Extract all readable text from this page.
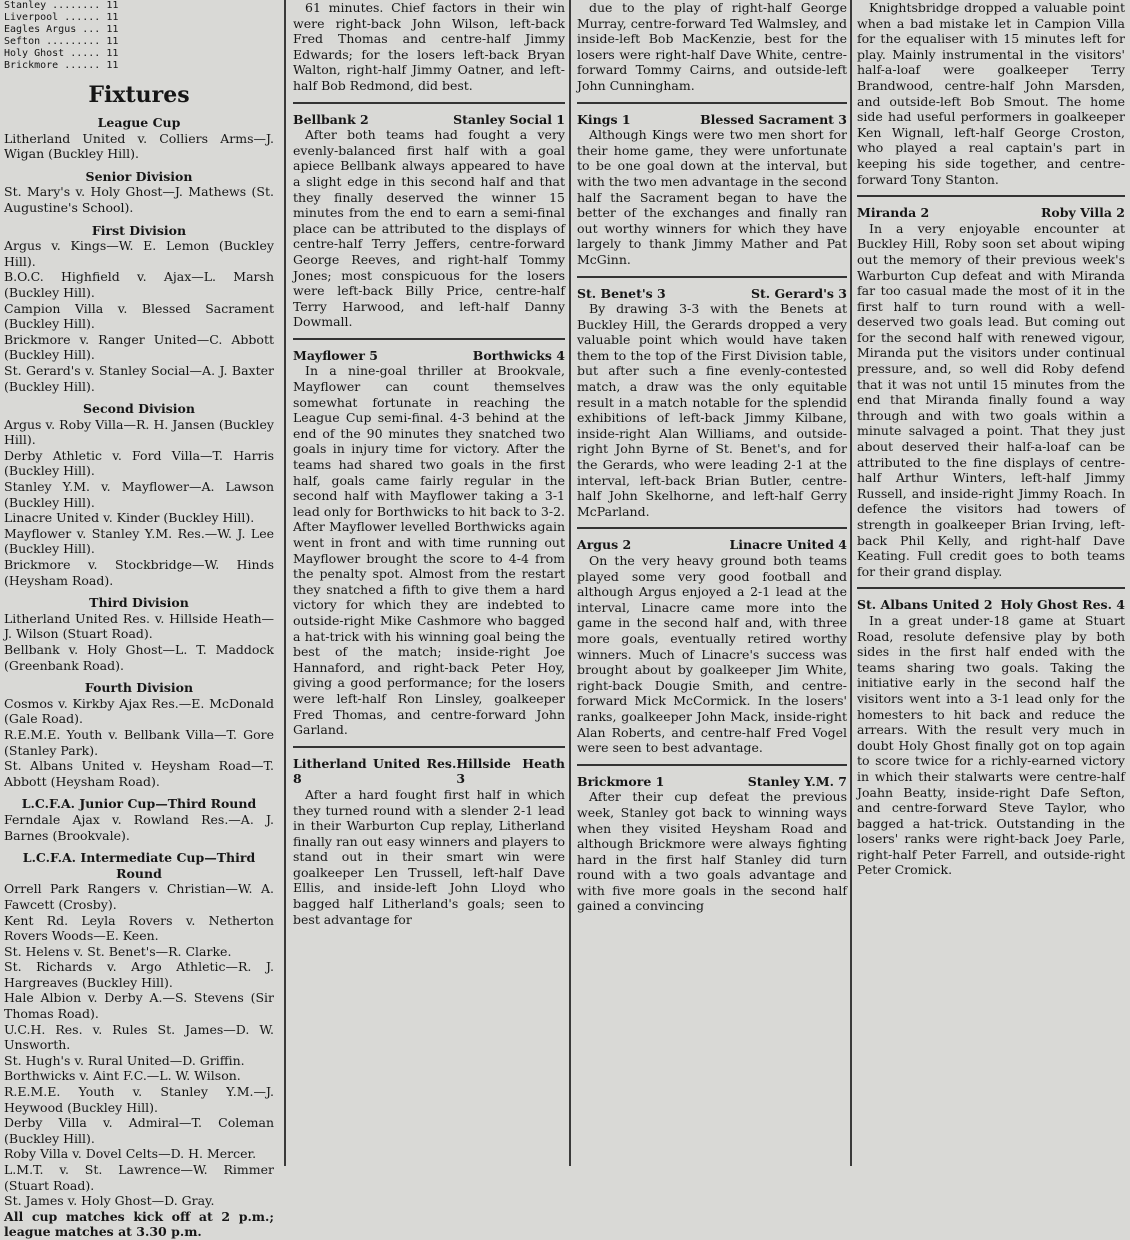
Stanley ........ 11

Liverpool ...... 11

Eagles Argus ... 11

Sefton ......... 11

Holy Ghost ..... 11

Brickmore ...... 11

Fixtures

League Cup

Litherland United v. Colliers Arms—J. Wigan (Buckley Hill).

Senior Division

St. Mary's v. Holy Ghost—J. Mathews (St. Augustine's School).

First Division

Argus v. Kings—W. E. Lemon (Buckley Hill).

B.O.C. Highfield v. Ajax—L. Marsh (Buckley Hill).

Campion Villa v. Blessed Sacrament (Buckley Hill).

Brickmore v. Ranger United—C. Abbott (Buckley Hill).

St. Gerard's v. Stanley Social—A. J. Baxter (Buckley Hill).

Second Division

Argus v. Roby Villa—R. H. Jansen (Buckley Hill).

Derby Athletic v. Ford Villa—T. Harris (Buckley Hill).

Stanley Y.M. v. Mayflower—A. Lawson (Buckley Hill).

Linacre United v. Kinder (Buckley Hill).

Mayflower v. Stanley Y.M. Res.—W. J. Lee (Buckley Hill).

Brickmore v. Stockbridge—W. Hinds (Heysham Road).

Third Division

Litherland United Res. v. Hillside Heath—J. Wilson (Stuart Road).

Bellbank v. Holy Ghost—L. T. Maddock (Greenbank Road).

Fourth Division

Cosmos v. Kirkby Ajax Res.—E. McDonald (Gale Road).

R.E.M.E. Youth v. Bellbank Villa—T. Gore (Stanley Park).

St. Albans United v. Heysham Road—T. Abbott (Heysham Road).

L.C.F.A. Junior Cup—Third Round

Ferndale Ajax v. Rowland Res.—A. J. Barnes (Brookvale).

L.C.F.A. Intermediate Cup—Third Round

Orrell Park Rangers v. Christian—W. A. Fawcett (Crosby).

Kent Rd. Leyla Rovers v. Netherton Rovers Woods—E. Keen.

St. Helens v. St. Benet's—R. Clarke.

St. Richards v. Argo Athletic—R. J. Hargreaves (Buckley Hill).

Hale Albion v. Derby A.—S. Stevens (Sir Thomas Road).

U.C.H. Res. v. Rules St. James—D. W. Unsworth.

St. Hugh's v. Rural United—D. Griffin.

Borthwicks v. Aint F.C.—L. W. Wilson.

R.E.M.E. Youth v. Stanley Y.M.—J. Heywood (Buckley Hill).

Derby Villa v. Admiral—T. Coleman (Buckley Hill).

Roby Villa v. Dovel Celts—D. H. Mercer.

L.M.T. v. St. Lawrence—W. Rimmer (Stuart Road).

St. James v. Holy Ghost—D. Gray.

All cup matches kick off at 2 p.m.; league matches at 3.30 p.m.

61 minutes. Chief factors in their win were right-back John Wilson, left-back Fred Thomas and centre-half Jimmy Edwards; for the losers left-back Bryan Walton, right-half Jimmy Oatner, and left-half Bob Redmond, did best.

Bellbank 2	Stanley Social 1

After both teams had fought a very evenly-balanced first half with a goal apiece Bellbank always appeared to have a slight edge in this second half and that they finally deserved the winner 15 minutes from the end to earn a semi-final place can be attributed to the displays of centre-half Terry Jeffers, centre-forward George Reeves, and right-half Tommy Jones; most conspicuous for the losers were left-back Billy Price, centre-half Terry Harwood, and left-half Danny Dowmall.

Mayflower 5	Borthwicks 4

In a nine-goal thriller at Brookvale, Mayflower can count themselves somewhat fortunate in reaching the League Cup semi-final. 4-3 behind at the end of the 90 minutes they snatched two goals in injury time for victory. After the teams had shared two goals in the first half, goals came fairly regular in the second half with Mayflower taking a 3-1 lead only for Borthwicks to hit back to 3-2. After Mayflower levelled Borthwicks again went in front and with time running out Mayflower brought the score to 4-4 from the penalty spot. Almost from the restart they snatched a fifth to give them a hard victory for which they are indebted to outside-right Mike Cashmore who bagged a hat-trick with his winning goal being the best of the match; inside-right Joe Hannaford, and right-back Peter Hoy, giving a good performance; for the losers were left-half Ron Linsley, goalkeeper Fred Thomas, and centre-forward John Garland.

Litherland United Res. 8
Hillside Heath 3

After a hard fought first half in which they turned round with a slender 2-1 lead in their Warburton Cup replay, Litherland finally ran out easy winners and players to stand out in their smart win were goalkeeper Len Trussell, left-half Dave Ellis, and inside-left John Lloyd who bagged half Litherland's goals; seen to best advantage for

due to the play of right-half George Murray, centre-forward Ted Walmsley, and inside-left Bob MacKenzie, best for the losers were right-half Dave White, centre-forward Tommy Cairns, and outside-left John Cunningham.

Kings 1	Blessed Sacrament 3

Although Kings were two men short for their home game, they were unfortunate to be one goal down at the interval, but with the two men advantage in the second half the Sacrament began to have the better of the exchanges and finally ran out worthy winners for which they have largely to thank Jimmy Mather and Pat McGinn.

St. Benet's 3	St. Gerard's 3

By drawing 3-3 with the Benets at Buckley Hill, the Gerards dropped a very valuable point which would have taken them to the top of the First Division table, but after such a fine evenly-contested match, a draw was the only equitable result in a match notable for the splendid exhibitions of left-back Jimmy Kilbane, inside-right Alan Williams, and outside-right John Byrne of St. Benet's, and for the Gerards, who were leading 2-1 at the interval, left-back Brian Butler, centre-half John Skelhorne, and left-half Gerry McParland.

Argus 2	Linacre United 4

On the very heavy ground both teams played some very good football and although Argus enjoyed a 2-1 lead at the interval, Linacre came more into the game in the second half and, with three more goals, eventually retired worthy winners. Much of Linacre's success was brought about by goalkeeper Jim White, right-back Dougie Smith, and centre-forward Mick McCormick. In the losers' ranks, goalkeeper John Mack, inside-right Alan Roberts, and centre-half Fred Vogel were seen to best advantage.

Brickmore 1	Stanley Y.M. 7

After their cup defeat the previous week, Stanley got back to winning ways when they visited Heysham Road and although Brickmore were always fighting hard in the first half Stanley did turn round with a two goals advantage and with five more goals in the second half gained a convincing

Knightsbridge dropped a valuable point when a bad mistake let in Campion Villa for the equaliser with 15 minutes left for play. Mainly instrumental in the visitors' half-a-loaf were goalkeeper Terry Brandwood, centre-half John Marsden, and outside-left Bob Smout. The home side had useful performers in goalkeeper Ken Wignall, left-half George Croston, who played a real captain's part in keeping his side together, and centre-forward Tony Stanton.

Miranda 2	Roby Villa 2

In a very enjoyable encounter at Buckley Hill, Roby soon set about wiping out the memory of their previous week's Warburton Cup defeat and with Miranda far too casual made the most of it in the first half to turn round with a well-deserved two goals lead. But coming out for the second half with renewed vigour, Miranda put the visitors under continual pressure, and, so well did Roby defend that it was not until 15 minutes from the end that Miranda finally found a way through and with two goals within a minute salvaged a point. That they just about deserved their half-a-loaf can be attributed to the fine displays of centre-half Arthur Winters, left-half Jimmy Russell, and inside-right Jimmy Roach. In defence the visitors had towers of strength in goalkeeper Brian Irving, left-back Phil Kelly, and right-half Dave Keating. Full credit goes to both teams for their grand display.

St. Albans United 2 Holy Ghost Res. 4

In a great under-18 game at Stuart Road, resolute defensive play by both sides in the first half ended with the teams sharing two goals. Taking the initiative early in the second half the visitors went into a 3-1 lead only for the homesters to hit back and reduce the arrears. With the result very much in doubt Holy Ghost finally got on top again to score twice for a richly-earned victory in which their stalwarts were centre-half Joahn Beatty, inside-right Dafe Sefton, and centre-forward Steve Taylor, who bagged a hat-trick. Outstanding in the losers' ranks were right-back Joey Parle, right-half Peter Farrell, and outside-right Peter Cromick.
